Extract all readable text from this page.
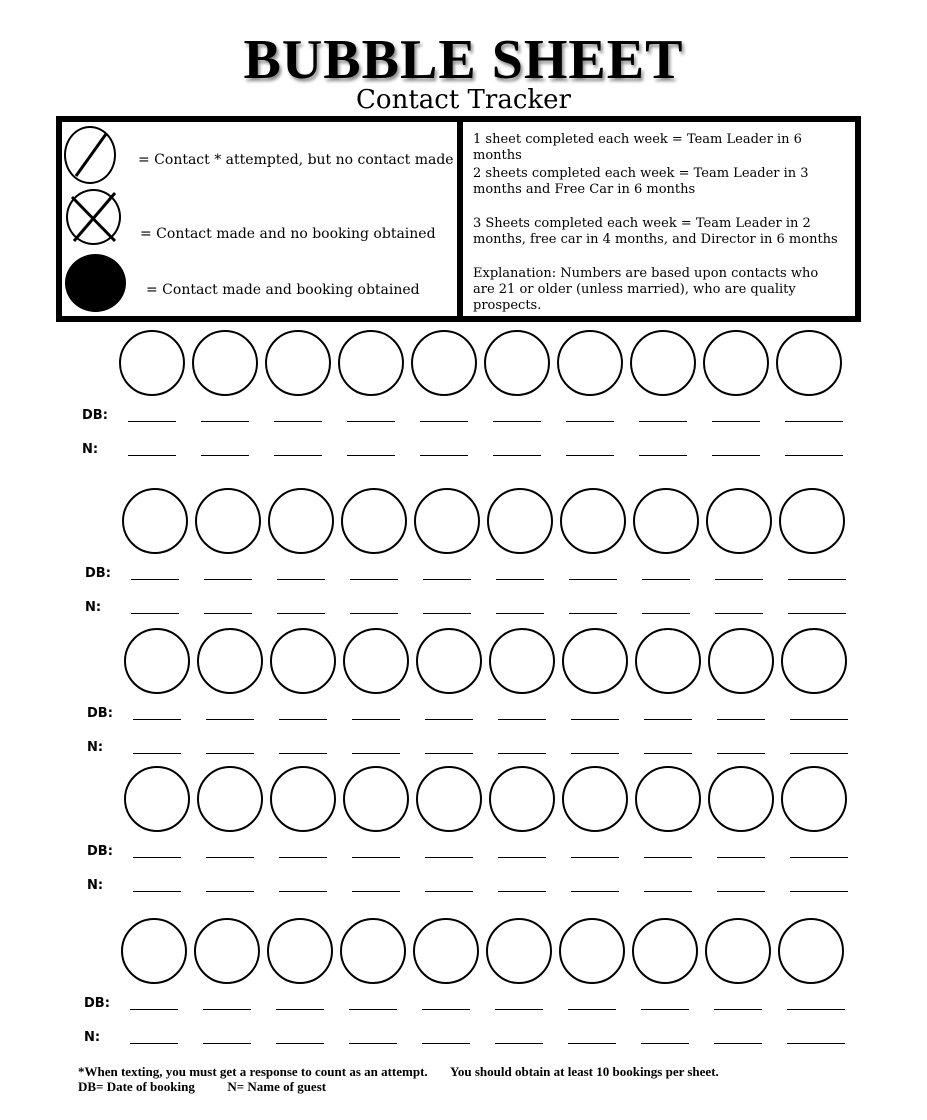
BUBBLE SHEET
Contact Tracker
= Contact * attempted, but no contact made
= Contact made and no booking obtained
= Contact made and booking obtained
1 sheet completed each week = Team Leader in 6 months
2 sheets completed each week = Team Leader in 3 months and Free Car in 6 months
3 Sheets completed each week = Team Leader in 2 months, free car in 4 months, and Director in 6 months
Explanation: Numbers are based upon contacts who are 21 or older (unless married), who are quality prospects.
DB:
N:
DB:
N:
DB:
N:
DB:
N:
DB:
N:
*When texting, you must get a response to count as an attempt.       You should obtain at least 10 bookings per sheet.
DB= Date of booking          N= Name of guest
